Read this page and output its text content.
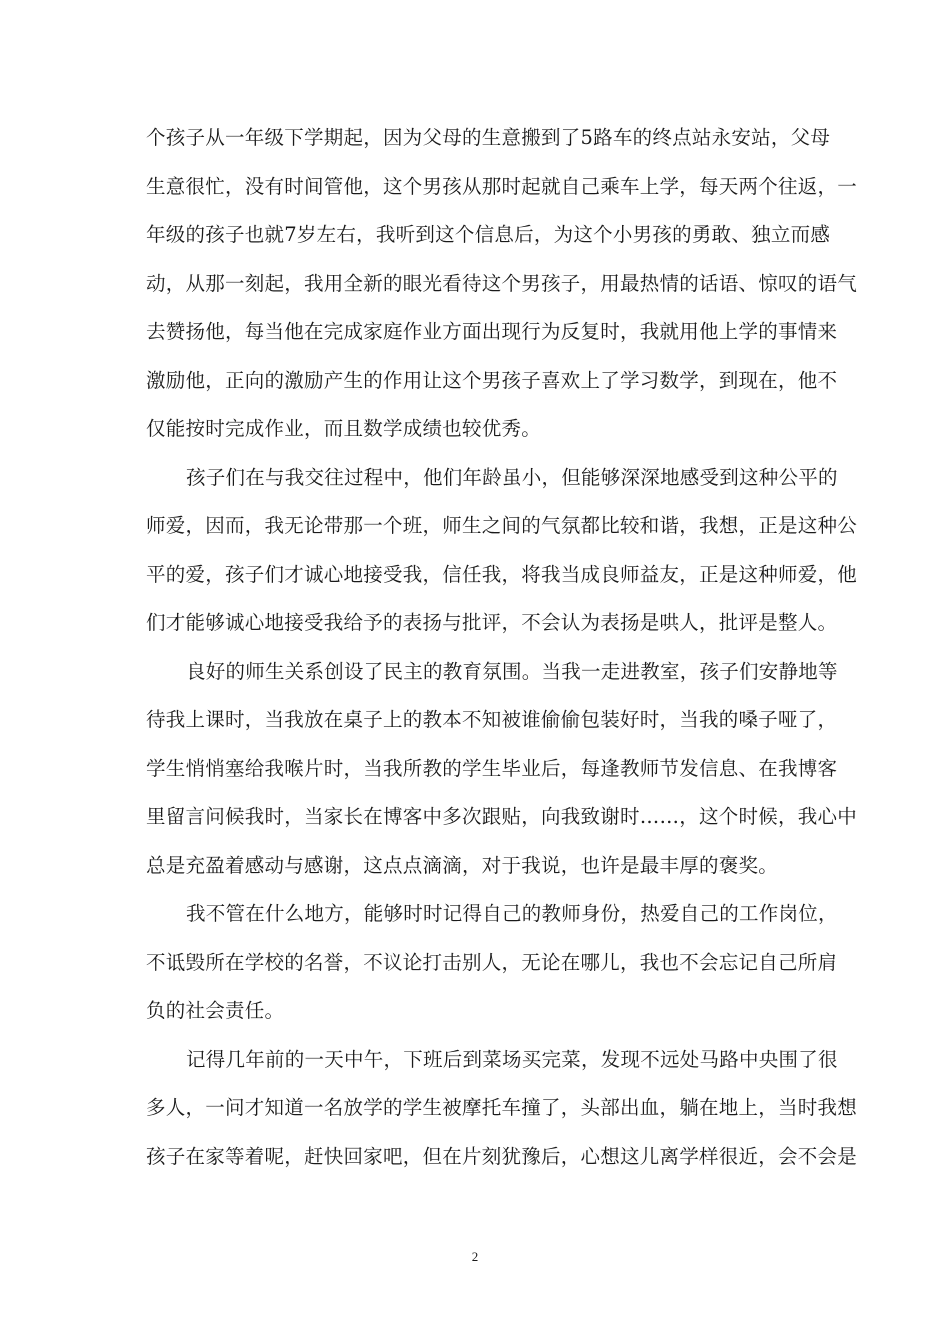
个孩子从一年级下学期起，因为父母的生意搬到了5路车的终点站永安站，父母
生意很忙，没有时间管他，这个男孩从那时起就自己乘车上学，每天两个往返，一
年级的孩子也就7岁左右，我听到这个信息后，为这个小男孩的勇敢、独立而感
动，从那一刻起，我用全新的眼光看待这个男孩子，用最热情的话语、惊叹的语气
去赞扬他，每当他在完成家庭作业方面出现行为反复时，我就用他上学的事情来
激励他，正向的激励产生的作用让这个男孩子喜欢上了学习数学，到现在，他不
仅能按时完成作业，而且数学成绩也较优秀。
孩子们在与我交往过程中，他们年龄虽小，但能够深深地感受到这种公平的
师爱，因而，我无论带那一个班，师生之间的气氛都比较和谐，我想，正是这种公
平的爱，孩子们才诚心地接受我，信任我，将我当成良师益友，正是这种师爱，他
们才能够诚心地接受我给予的表扬与批评，不会认为表扬是哄人，批评是整人。
良好的师生关系创设了民主的教育氛围。当我一走进教室，孩子们安静地等
待我上课时，当我放在桌子上的教本不知被谁偷偷包装好时，当我的嗓子哑了，
学生悄悄塞给我喉片时，当我所教的学生毕业后，每逢教师节发信息、在我博客
里留言问候我时，当家长在博客中多次跟贴，向我致谢时……，这个时候，我心中
总是充盈着感动与感谢，这点点滴滴，对于我说，也许是最丰厚的褒奖。
我不管在什么地方，能够时时记得自己的教师身份，热爱自己的工作岗位，
不诋毁所在学校的名誉，不议论打击别人，无论在哪儿，我也不会忘记自己所肩
负的社会责任。
记得几年前的一天中午，下班后到菜场买完菜，发现不远处马路中央围了很
多人，一问才知道一名放学的学生被摩托车撞了，头部出血，躺在地上，当时我想
孩子在家等着呢，赶快回家吧，但在片刻犹豫后，心想这儿离学样很近，会不会是
2
